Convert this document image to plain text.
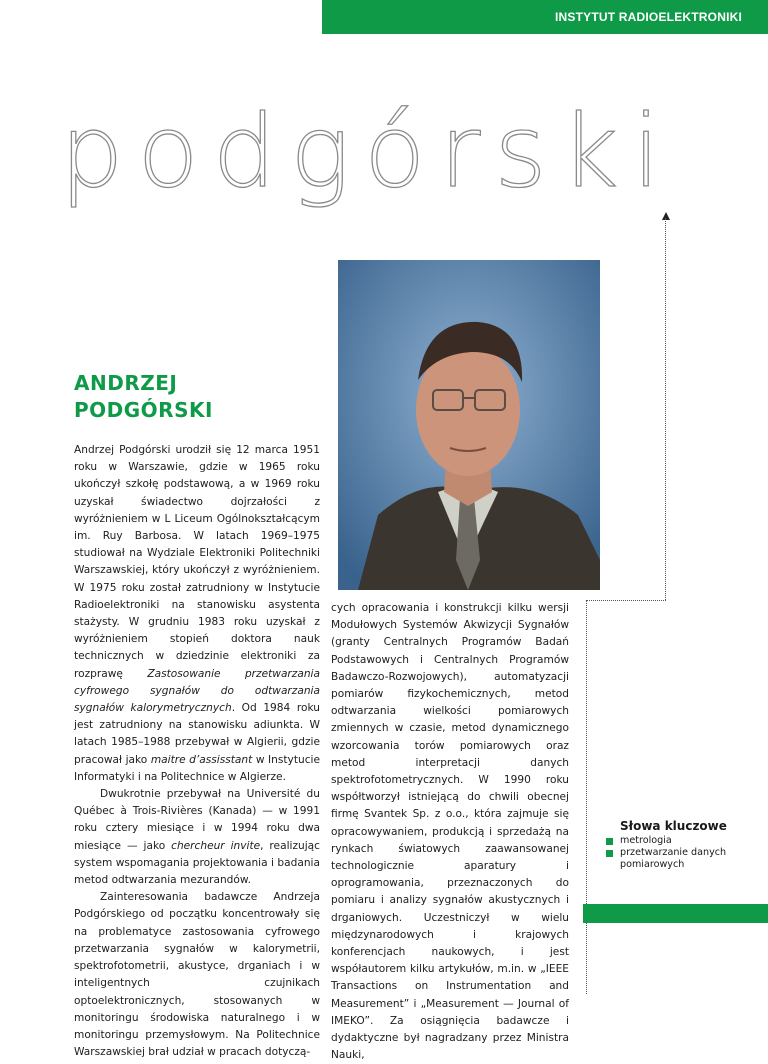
INSTYTUT RADIOELEKTRONIKI
podgórski
ANDRZEJ
PODGÓRSKI

Andrzej Podgórski urodził się 12 marca 1951 roku w Warszawie, gdzie w 1965 roku ukończył szkołę podstawową, a w 1969 roku uzyskał świadectwo dojrzałości z wyróżnieniem w L Liceum Ogólnokształcącym im. Ruy Barbosa. W latach 1969–1975 studiował na Wydziale Elektroniki Politechniki Warszawskiej, który ukończył z wyróżnieniem. W 1975 roku został zatrudniony w Instytucie Radioelektroniki na stanowisku asystenta stażysty. W grudniu 1983 roku uzyskał z wyróżnieniem stopień doktora nauk technicznych w dziedzinie elektroniki za rozprawę Zastosowanie przetwarzania cyfrowego sygnałów do odtwarzania sygnałów kalorymetrycznych. Od 1984 roku jest zatrudniony na stanowisku adiunkta. W latach 1985–1988 przebywał w Algierii, gdzie pracował jako maitre d’assisstant w Instytucie Informatyki i na Politechnice w Algierze.

Dwukrotnie przebywał na Université du Québec à Trois-Rivières (Kanada) — w 1991 roku cztery miesiące i w 1994 roku dwa miesiące — jako chercheur invite, realizując system wspomagania projektowania i badania metod odtwarzania mezurandów.

Zainteresowania badawcze Andrzeja Podgórskiego od początku koncentrowały się na problematyce zastosowania cyfrowego przetwarzania sygnałów w kalorymetrii, spektrofotometrii, akustyce, drganiach i w inteligentnych czujnikach optoelektronicznych, stosowanych w monitoringu środowiska naturalnego i w monitoringu przemysłowym. Na Politechnice Warszawskiej brał udział w pracach dotyczą-

cych opracowania i konstrukcji kilku wersji Modułowych Systemów Akwizycji Sygnałów (granty Centralnych Programów Badań Podstawowych i Centralnych Programów Badawczo-Rozwojowych), automatyzacji pomiarów fizykochemicznych, metod odtwarzania wielkości pomiarowych zmiennych w czasie, metod dynamicznego wzorcowania torów pomiarowych oraz metod interpretacji danych spektrofotometrycznych. W 1990 roku współtworzył istniejącą do chwili obecnej firmę Svantek Sp. z o.o., która zajmuje się opracowywaniem, produkcją i sprzedażą na rynkach światowych zaawansowanej technologicznie aparatury i oprogramowania, przeznaczonych do pomiaru i analizy sygnałów akustycznych i drganiowych. Uczestniczył w wielu międzynarodowych i krajowych konferencjach naukowych, i jest współautorem kilku artykułów, m.in. w „IEEE Transactions on Instrumentation and Measurement” i „Measurement — Journal of IMEKO”. Za osiągnięcia badawcze i dydaktyczne był nagradzany przez Ministra Nauki,

Słowa kluczowe
metrologia
przetwarzanie danych pomiarowych
